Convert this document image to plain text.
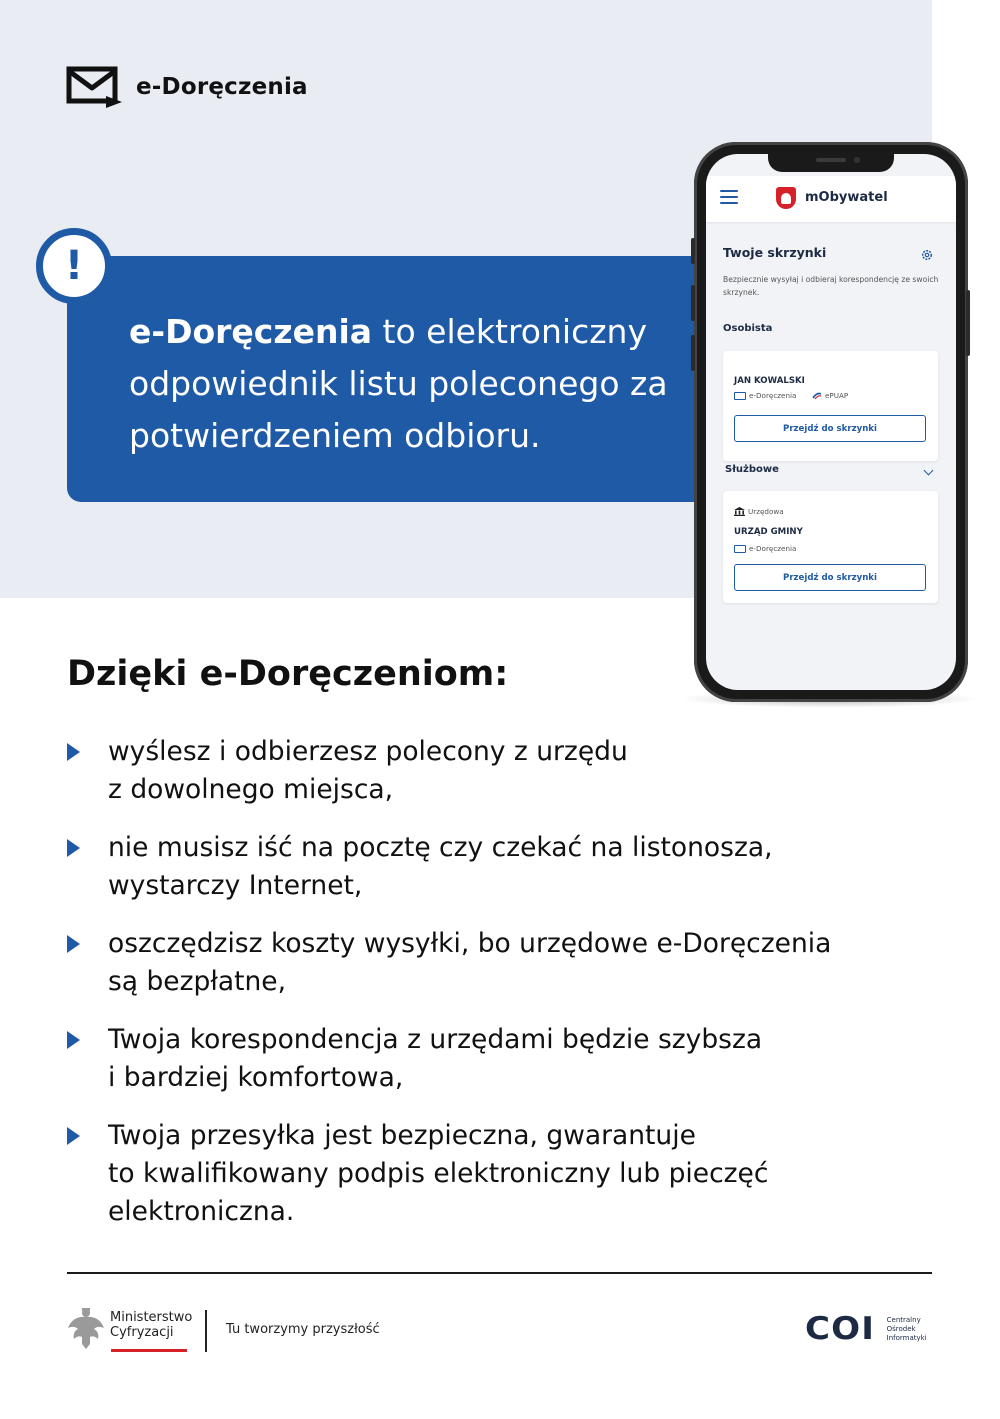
e-Doręczenia
e-Doręczenia to elektroniczny odpowiednik listu poleconego za potwierdzeniem odbioru.
!
mObywatel
Twoje skrzynki
Bezpiecznie wysyłaj i odbieraj korespondencję ze swoich skrzynek.
Osobista
JAN KOWALSKI
e-Doręczenia	ePUAP
Przejdź do skrzynki
Służbowe
Urzędowa
URZĄD GMINY
e-Doręczenia
Przejdź do skrzynki
Dzięki e-Doręczeniom:
wyślesz i odbierzesz polecony z urzędu
z dowolnego miejsca,
nie musisz iść na pocztę czy czekać na listonosza,
wystarczy Internet,
oszczędzisz koszty wysyłki, bo urzędowe e-Doręczenia
są bezpłatne,
Twoja korespondencja z urzędami będzie szybsza
i bardziej komfortowa,
Twoja przesyłka jest bezpieczna, gwarantuje
to kwalifikowany podpis elektroniczny lub pieczęć
elektroniczna.
Ministerstwo
Cyfryzacji	Tu tworzymy przyszłość	COI Centralny
Ośrodek
Informatyki
